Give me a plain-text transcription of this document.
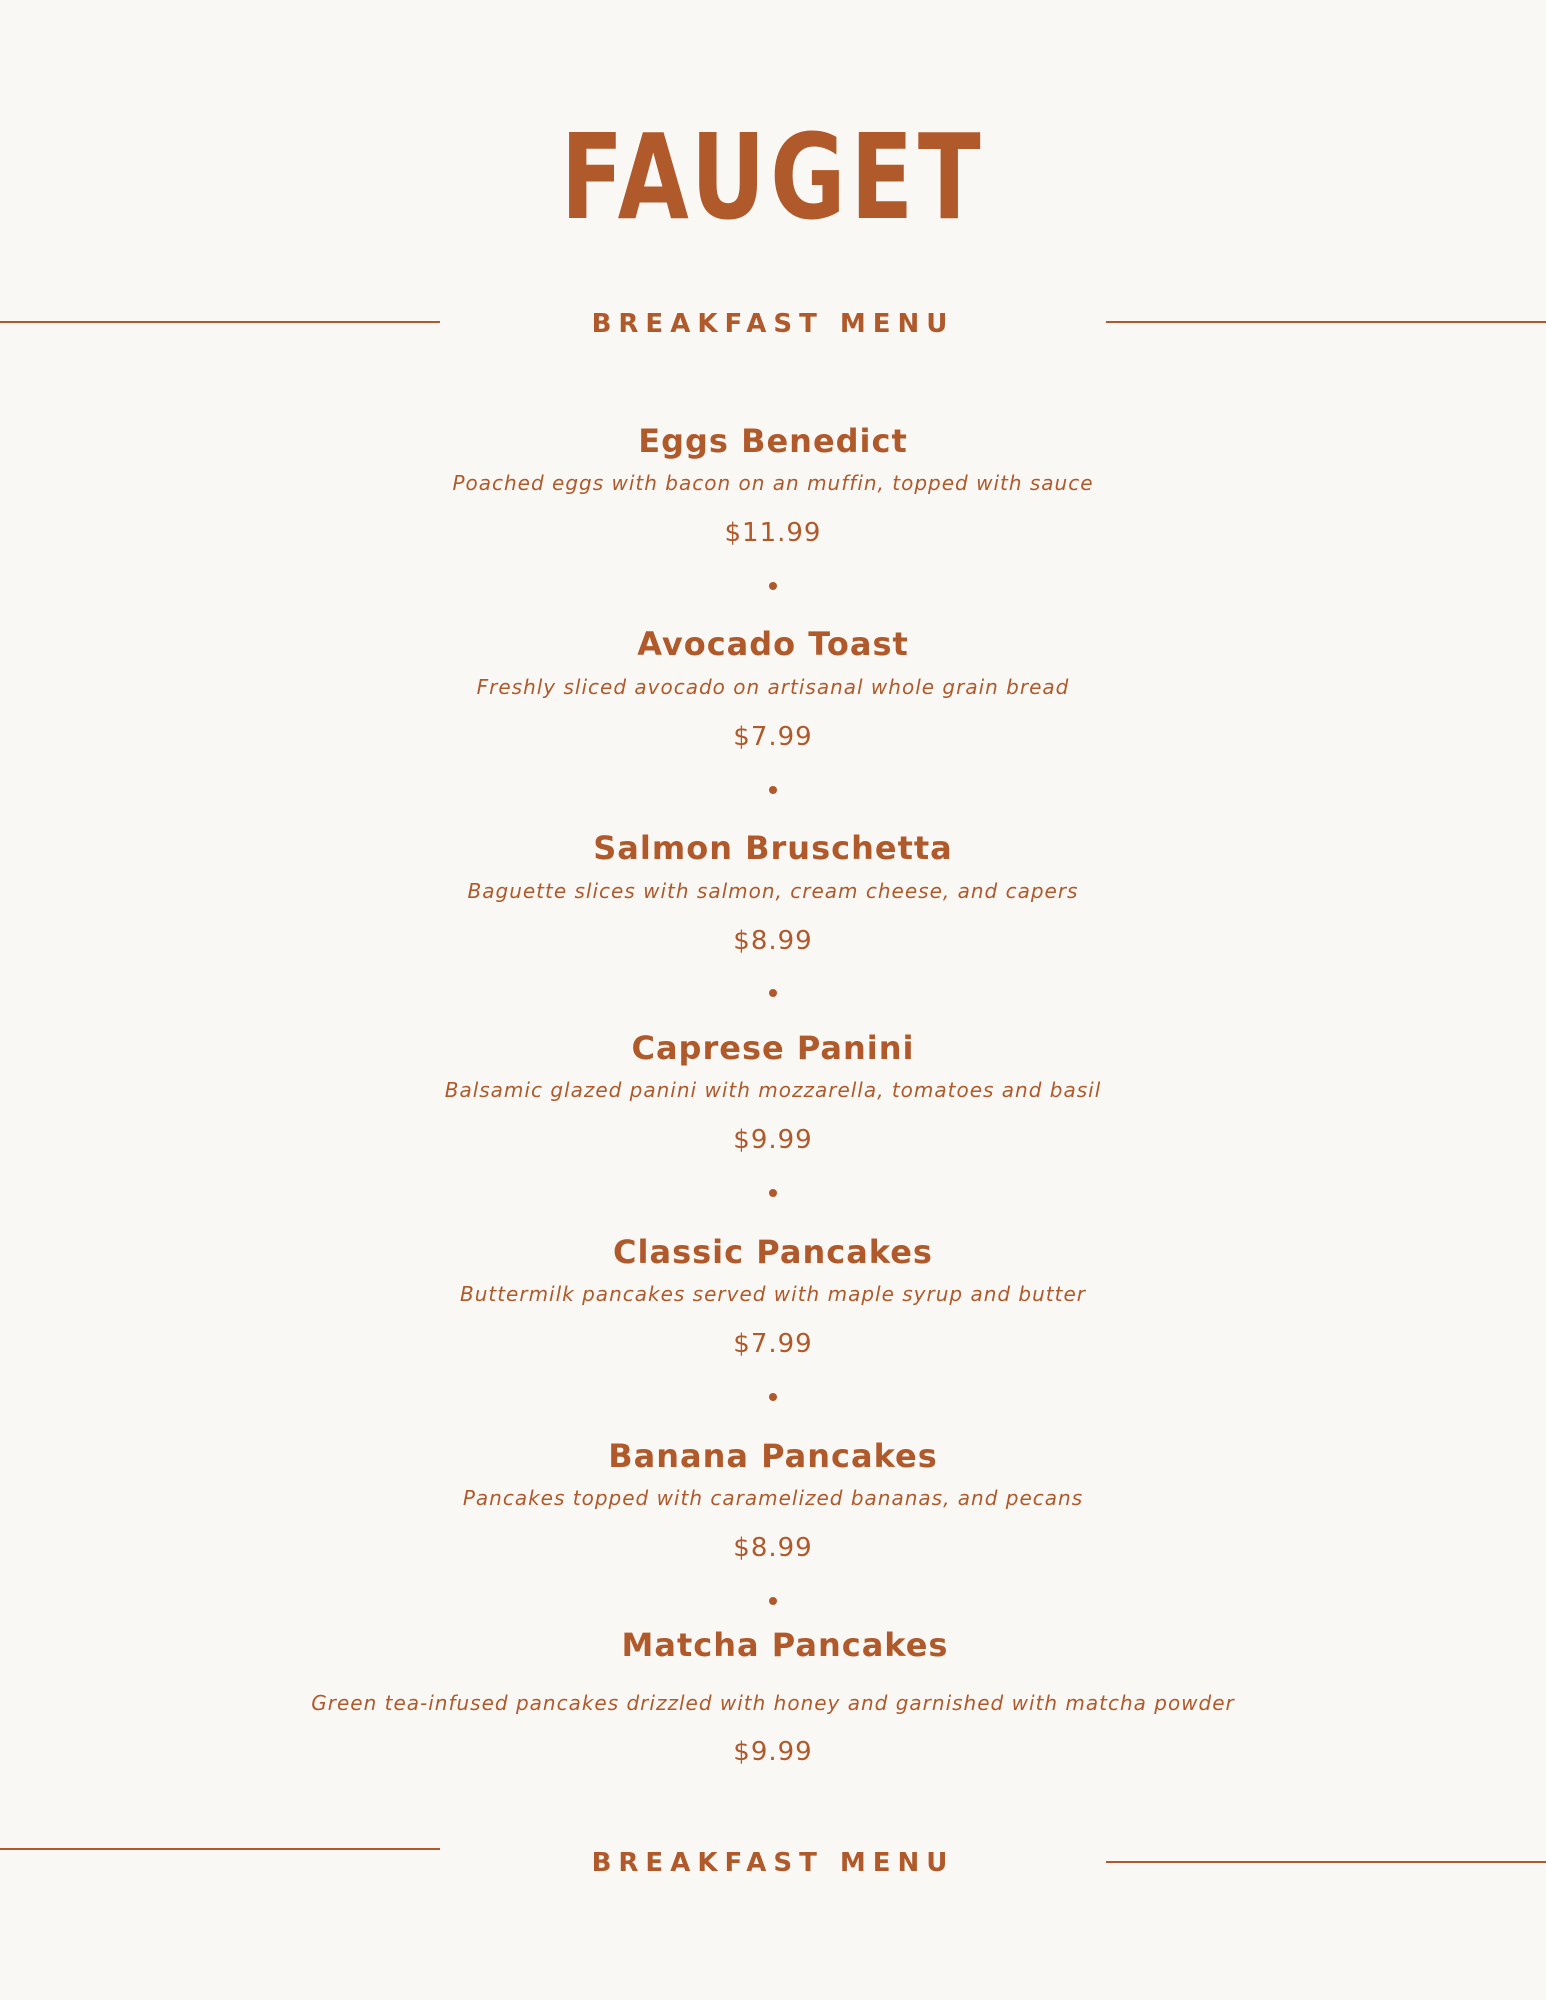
FAUGET
BREAKFAST MENU
Eggs Benedict
Poached eggs with bacon on an muffin, topped with sauce
$11.99
Avocado Toast
Freshly sliced avocado on artisanal whole grain bread
$7.99
Salmon Bruschetta
Baguette slices with salmon, cream cheese, and capers
$8.99
Caprese Panini
Balsamic glazed panini with mozzarella, tomatoes and basil
$9.99
Classic Pancakes
Buttermilk pancakes served with maple syrup and butter
$7.99
Banana Pancakes
Pancakes topped with caramelized bananas, and pecans
$8.99
Matcha Pancakes
Green tea-infused pancakes drizzled with honey and garnished with matcha powder
$9.99
BREAKFAST MENU
